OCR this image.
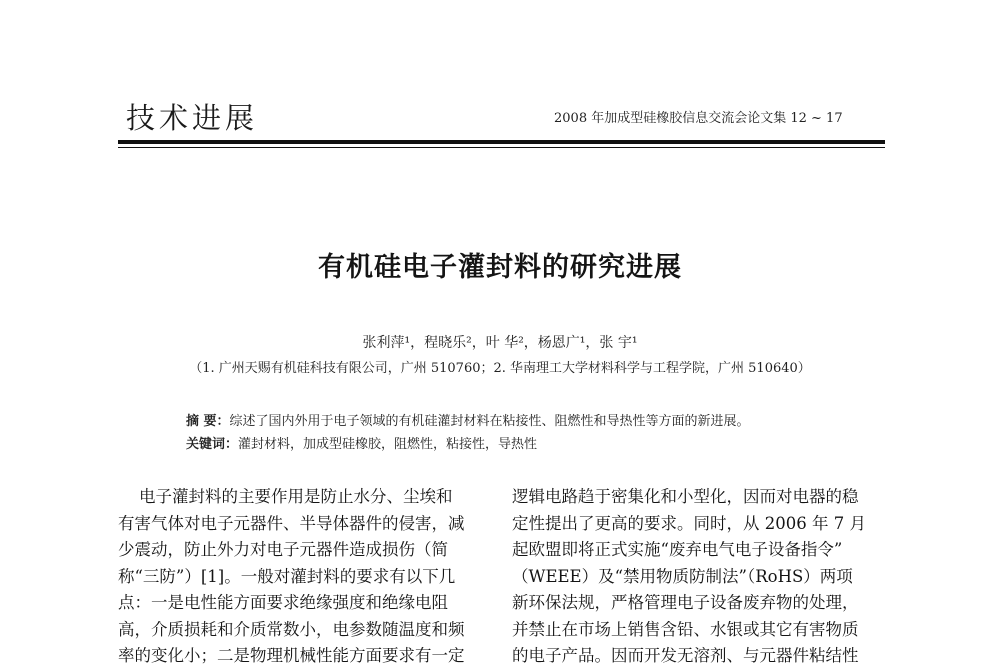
技术进展	2008 年加成型硅橡胶信息交流会论文集 12 ~ 17
有机硅电子灌封料的研究进展
张利萍¹，程晓乐²，叶 华²，杨恩广¹，张 宇¹
（1. 广州天赐有机硅科技有限公司，广州 510760；2. 华南理工大学材料科学与工程学院，广州 510640）
摘 要：综述了国内外用于电子领域的有机硅灌封材料在粘接性、阻燃性和导热性等方面的新进展。
关键词：灌封材料，加成型硅橡胶，阻燃性，粘接性，导热性
电子灌封料的主要作用是防止水分、尘埃和
有害气体对电子元器件、半导体器件的侵害，减
少震动，防止外力对电子元器件造成损伤（简
称“三防”）[1]。一般对灌封料的要求有以下几
点：一是电性能方面要求绝缘强度和绝缘电阻
高，介质损耗和介质常数小，电参数随温度和频
率的变化小；二是物理机械性能方面要求有一定
逻辑电路趋于密集化和小型化，因而对电器的稳
定性提出了更高的要求。同时，从 2006 年 7 月
起欧盟即将正式实施“废弃电气电子设备指令”
（WEEE）及“禁用物质防制法”（RoHS）两项
新环保法规，严格管理电子设备废弃物的处理，
并禁止在市场上销售含铅、水银或其它有害物质
的电子产品。因而开发无溶剂、与元器件粘结性
